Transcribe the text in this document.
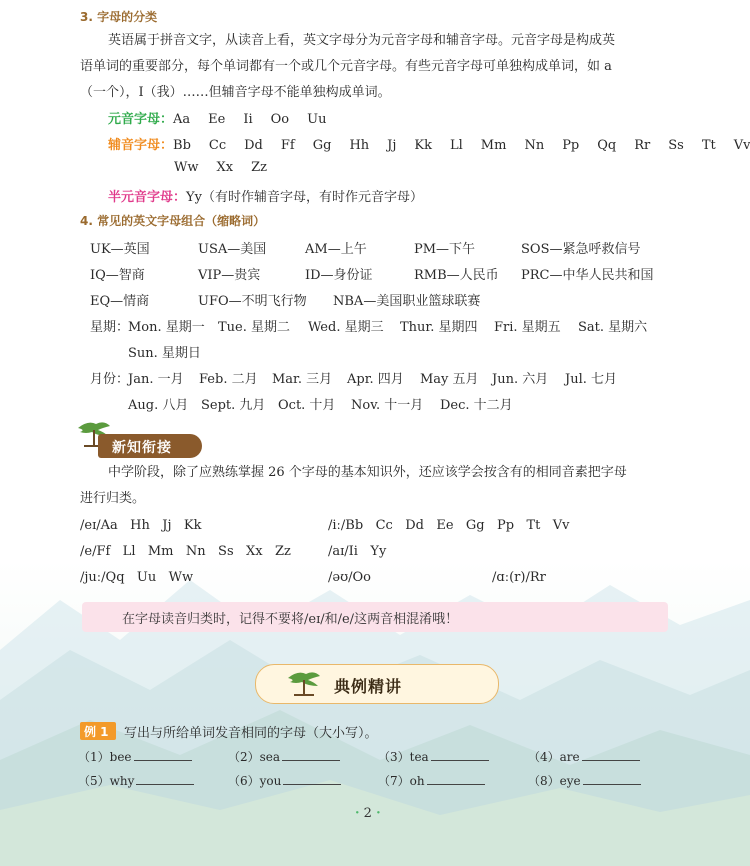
3. 字母的分类
英语属于拼音文字，从读音上看，英文字母分为元音字母和辅音字母。元音字母是构成英
语单词的重要部分，每个单词都有一个或几个元音字母。有些元音字母可单独构成单词，如 a
（一个），I（我）……但辅音字母不能单独构成单词。
元音字母：Aa Ee Ii Oo Uu
辅音字母：Bb Cc Dd Ff Gg Hh Jj Kk Ll Mm Nn Pp Qq Rr Ss Tt Vv
Ww Xx Zz
半元音字母：Yy（有时作辅音字母，有时作元音字母）
4. 常见的英文字母组合（缩略词）
UK—英国	USA—美国	AM—上午	PM—下午	SOS—紧急呼救信号
IQ—智商	VIP—贵宾	ID—身份证	RMB—人民币 PRC—中华人民共和国
EQ—情商	UFO—不明飞行物 NBA—美国职业篮球联赛
星期：
Mon. 星期一 Tue. 星期二 Wed. 星期三 Thur. 星期四 Fri. 星期五 Sat. 星期六
Sun. 星期日
月份：
Jan. 一月 Feb. 二月 Mar. 三月 Apr. 四月 May 五月 Jun. 六月 Jul. 七月
Aug. 八月 Sept. 九月 Oct. 十月 Nov. 十一月 Dec. 十二月
新知衔接
中学阶段，除了应熟练掌握 26 个字母的基本知识外，还应该学会按含有的相同音素把字母
进行归类。
/eɪ/Aa   Hh   Jj   Kk	/iː/Bb   Cc   Dd   Ee   Gg   Pp   Tt   Vv
/e/Ff   Ll   Mm   Nn   Ss   Xx   Zz	/aɪ/Ii   Yy
/juː/Qq   Uu   Ww	/əʊ/Oo	/ɑː(r)/Rr
在字母读音归类时，记得不要将/eɪ/和/e/这两音相混淆哦！
典例精讲
例 1 写出与所给单词发音相同的字母（大小写）。
（1）bee	（2）sea	（3）tea	（4）are
（5）why	（6）you	（7）oh	（8）eye
· 2 ·
